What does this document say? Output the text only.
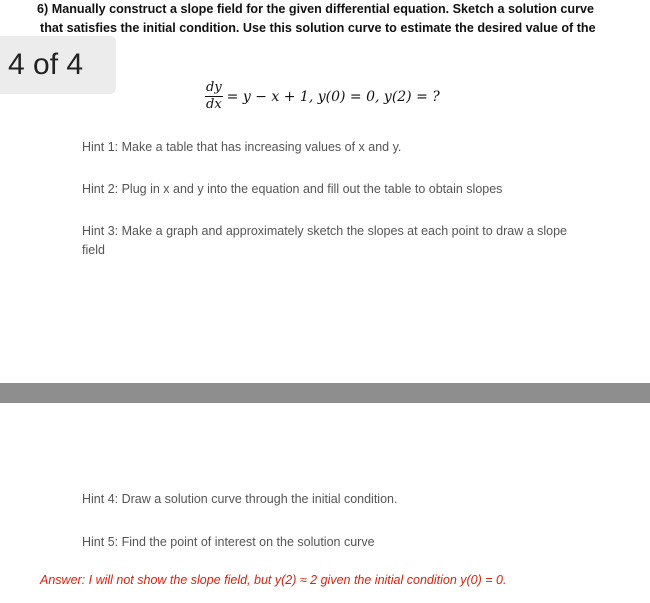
6) Manually construct a slope field for the given differential equation. Sketch a solution curve
that satisfies the initial condition. Use this solution curve to estimate the desired value of the
4 of 4
$\frac{dy}{dx} = y - x + 1$, y(0) = 0, y(2) = ?
Hint 1: Make a table that has increasing values of x and y.
Hint 2: Plug in x and y into the equation and fill out the table to obtain slopes
Hint 3: Make a graph and approximately sketch the slopes at each point to draw a slope
field
Hint 4: Draw a solution curve through the initial condition.
Hint 5: Find the point of interest on the solution curve
Answer: I will not show the slope field, but y(2) ≈ 2 given the initial condition y(0) = 0.
